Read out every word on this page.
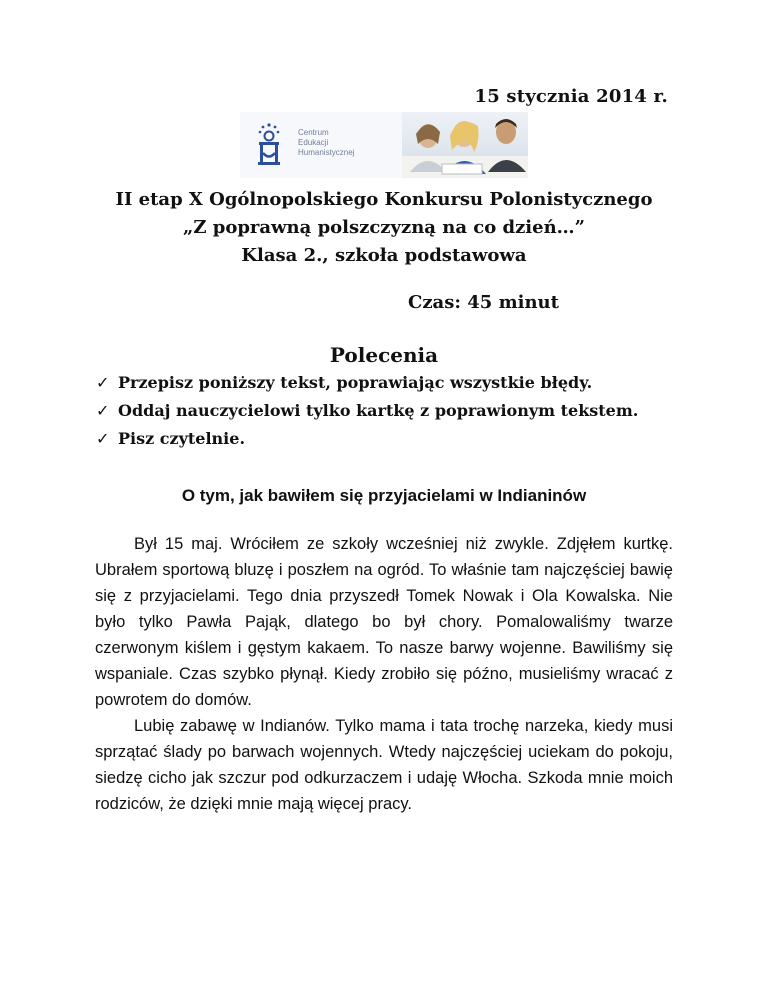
15 stycznia 2014 r.
Centrum
Edukacji
Humanistycznej
II etap X Ogólnopolskiego Konkursu Polonistycznego
„Z poprawną polszczyzną na co dzień…”
Klasa 2., szkoła podstawowa
Czas: 45 minut
Polecenia
✓ Przepisz poniższy tekst, poprawiając wszystkie błędy.
✓ Oddaj nauczycielowi tylko kartkę z poprawionym tekstem.
✓ Pisz czytelnie.
O tym, jak bawiłem się przyjacielami w Indianinów

Był 15 maj. Wróciłem ze szkoły wcześniej niż zwykle. Zdjęłem kurtkę. Ubrałem sportową bluzę i poszłem na ogród. To właśnie tam najczęściej bawię się z przyjacielami. Tego dnia przyszedł Tomek Nowak i Ola Kowalska. Nie było tylko Pawła Pająk, dlatego bo był chory. Pomalowaliśmy twarze czerwonym kiślem i gęstym kakaem. To nasze barwy wojenne. Bawiliśmy się wspaniale. Czas szybko płynął. Kiedy zrobiło się późno, musieliśmy wracać z powrotem do domów.

Lubię zabawę w Indianów. Tylko mama i tata trochę narzeka, kiedy musi sprzątać ślady po barwach wojennych. Wtedy najczęściej uciekam do pokoju, siedzę cicho jak szczur pod odkurzaczem i udaję Włocha. Szkoda mnie moich rodziców, że dzięki mnie mają więcej pracy.
